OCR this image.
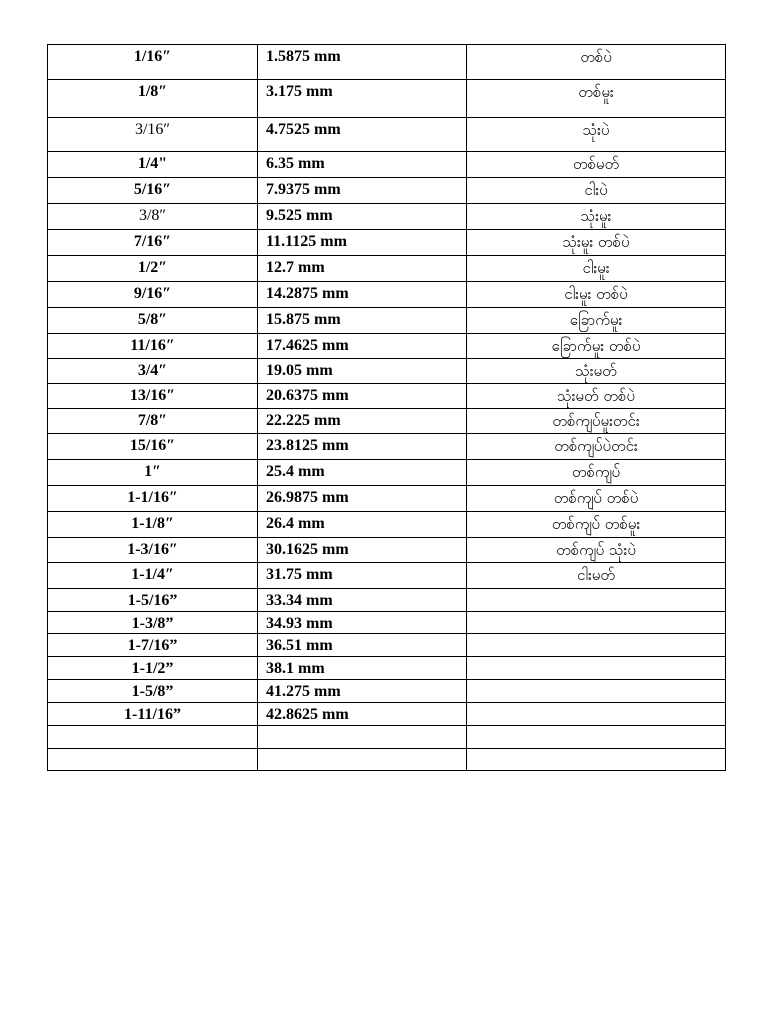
1/16″	1.5875 mm	တစ်ပဲ
1/8″	3.175 mm	တစ်မူး
3/16″	4.7525 mm	သုံးပဲ
1/4"	6.35 mm	တစ်မတ်
5/16″	7.9375 mm	ငါးပဲ
3/8″	9.525 mm	သုံးမူး
7/16″	11.1125 mm	သုံးမူး တစ်ပဲ
1/2″	12.7 mm	ငါးမူး
9/16″	14.2875 mm	ငါးမူး တစ်ပဲ
5/8″	15.875 mm	ခြောက်မူး
11/16″	17.4625 mm	ခြောက်မူး တစ်ပဲ
3/4″	19.05 mm	သုံးမတ်
13/16″	20.6375 mm	သုံးမတ် တစ်ပဲ
7/8″	22.225 mm	တစ်ကျပ်မူးတင်း
15/16″	23.8125 mm	တစ်ကျပ်ပဲတင်း
1″	25.4 mm	တစ်ကျပ်
1-1/16″	26.9875 mm	တစ်ကျပ် တစ်ပဲ
1-1/8″	26.4 mm	တစ်ကျပ် တစ်မူး
1-3/16″	30.1625 mm	တစ်ကျပ် သုံးပဲ
1-1/4″	31.75 mm	ငါးမတ်
1-5/16”	33.34 mm	
1-3/8”	34.93 mm	
1-7/16”	36.51 mm	
1-1/2”	38.1 mm	
1-5/8”	41.275 mm	
1-11/16”	42.8625 mm	
